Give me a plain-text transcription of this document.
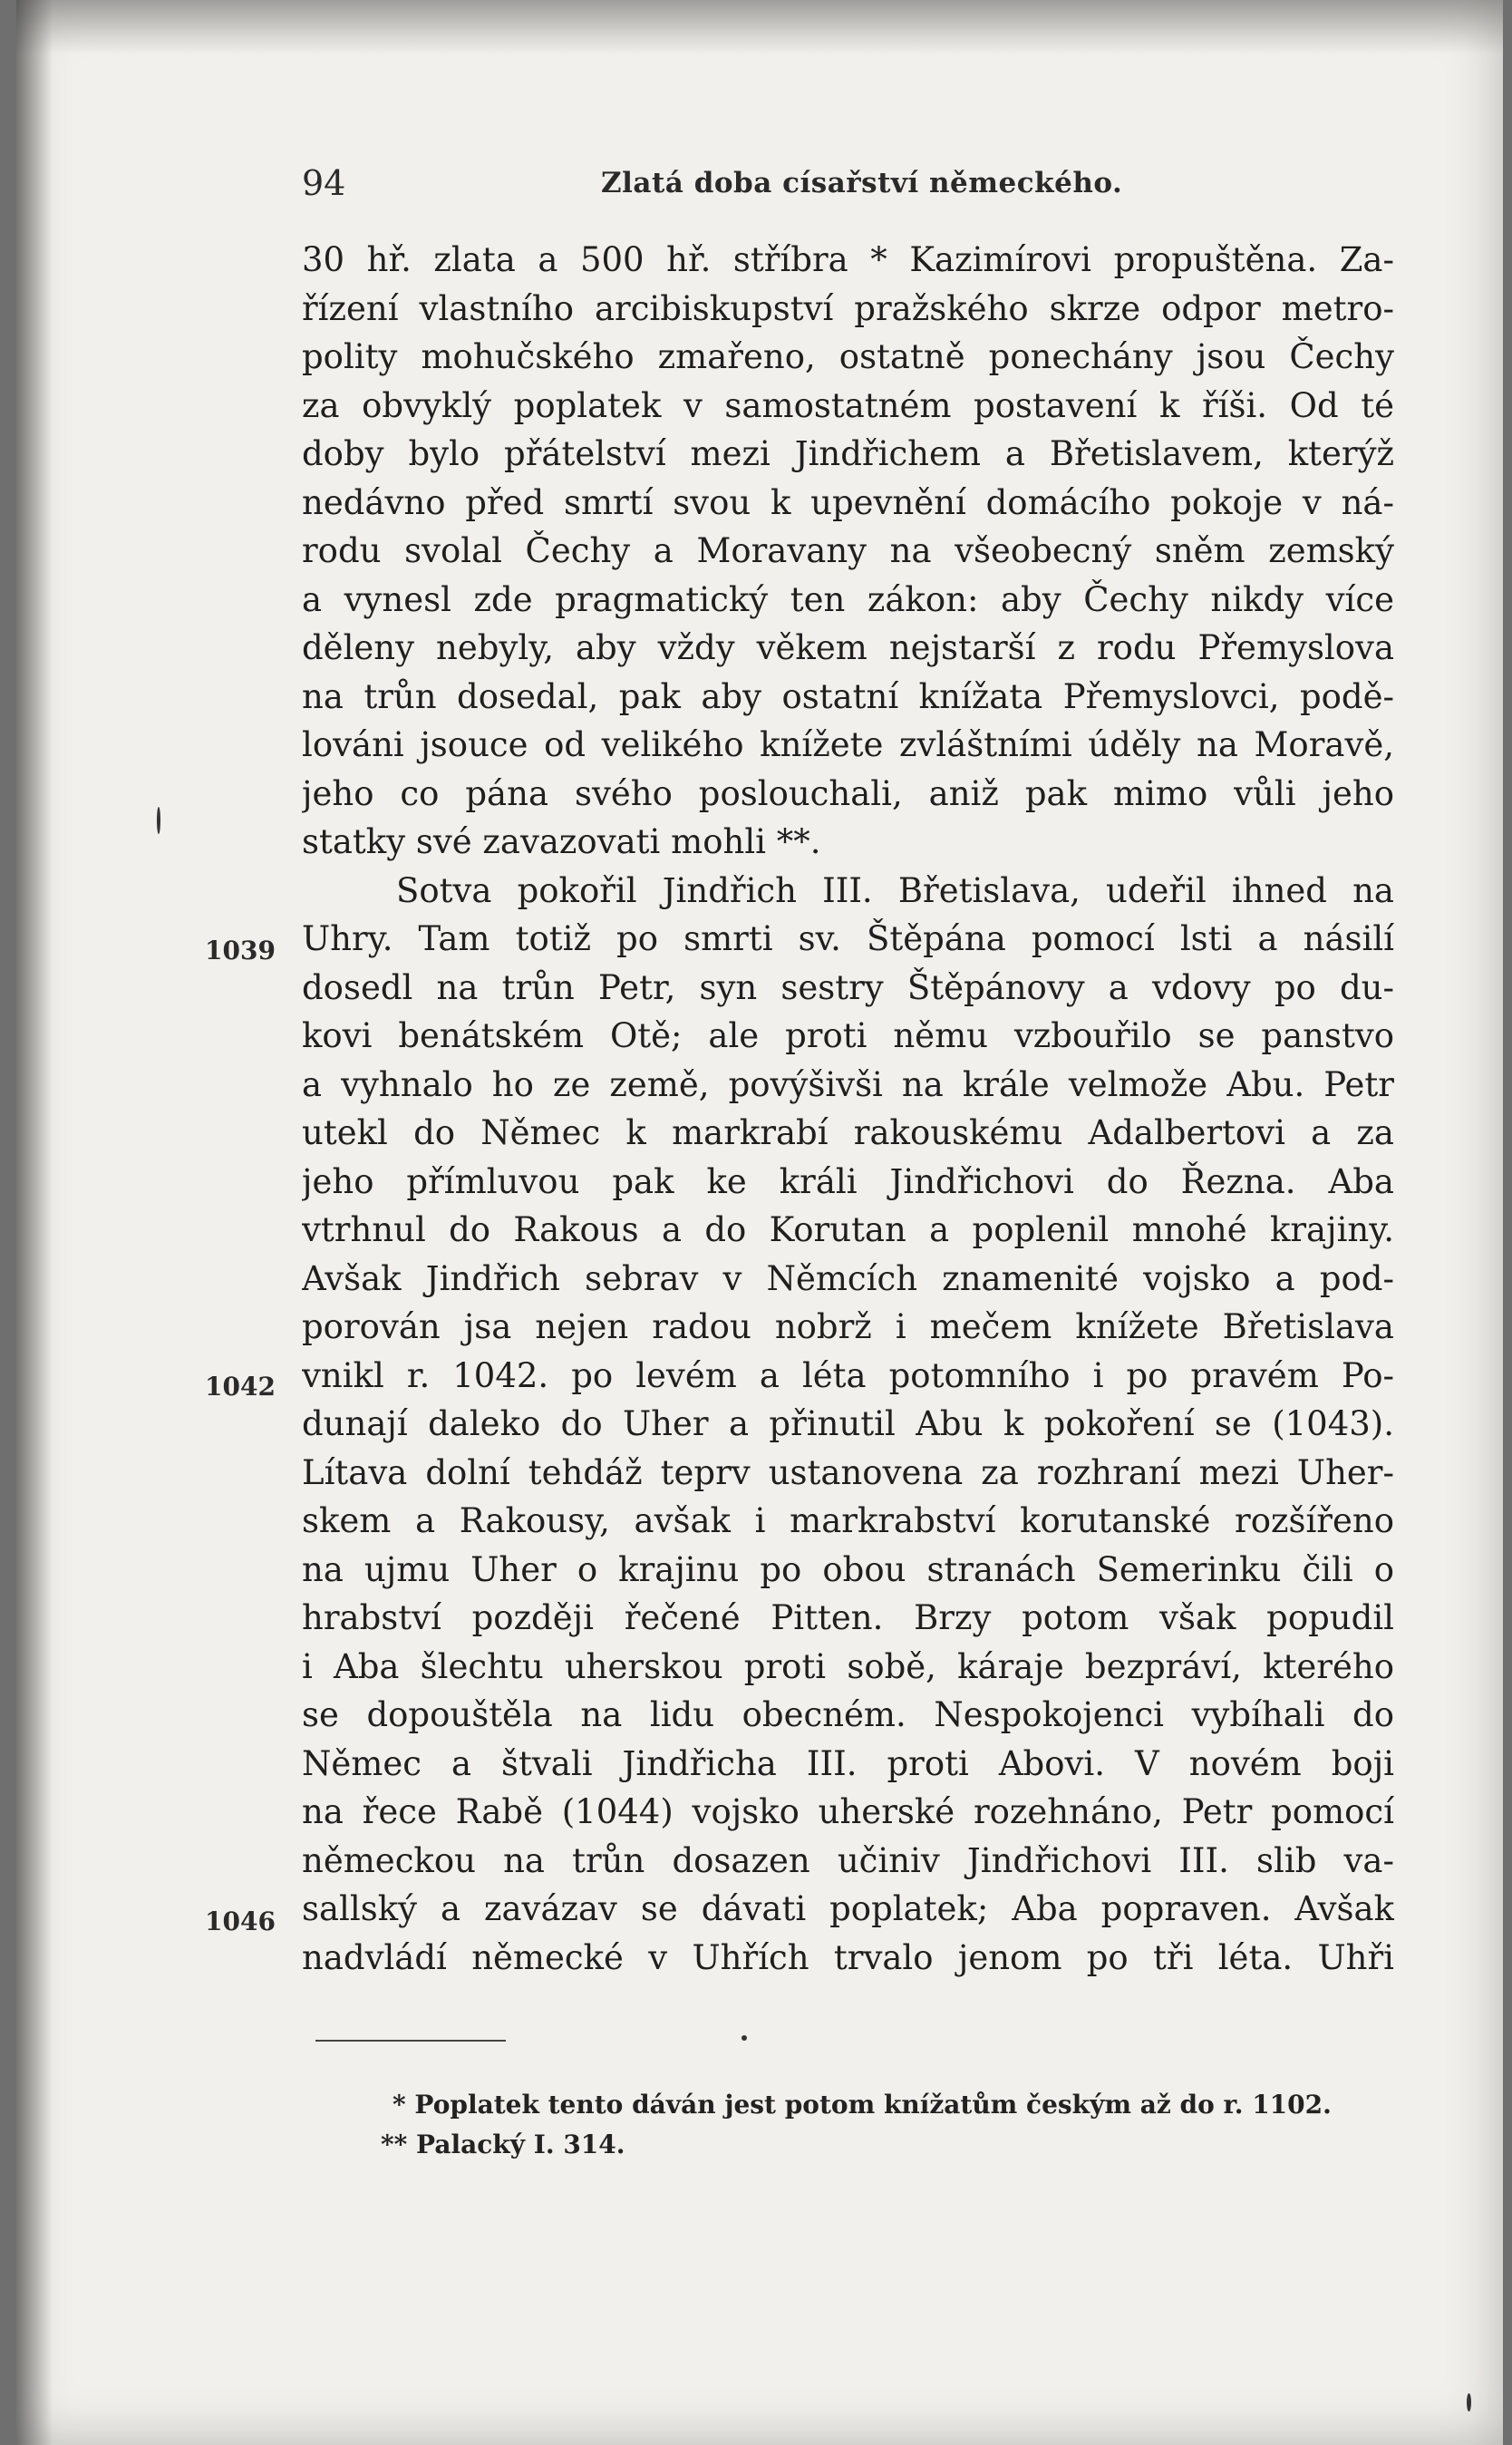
94	Zlatá doba císařství německého.
30 hř. zlata a 500 hř. stříbra * Kazimírovi propuštěna. Za-
řízení vlastního arcibiskupství pražského skrze odpor metro-
polity mohučského zmařeno, ostatně ponechány jsou Čechy
za obvyklý poplatek v samostatném postavení k říši. Od té
doby bylo přátelství mezi Jindřichem a Břetislavem, kterýž
nedávno před smrtí svou k upevnění domácího pokoje v ná-
rodu svolal Čechy a Moravany na všeobecný sněm zemský
a vynesl zde pragmatický ten zákon: aby Čechy nikdy více
děleny nebyly, aby vždy věkem nejstarší z rodu Přemyslova
na trůn dosedal, pak aby ostatní knížata Přemyslovci, podě-
lováni jsouce od velikého knížete zvláštními úděly na Moravě,
jeho co pána svého poslouchali, aniž pak mimo vůli jeho
statky své zavazovati mohli **.
Sotva pokořil Jindřich III. Břetislava, udeřil ihned na
Uhry. Tam totiž po smrti sv. Štěpána pomocí lsti a násilí
dosedl na trůn Petr, syn sestry Štěpánovy a vdovy po du-
kovi benátském Otě; ale proti němu vzbouřilo se panstvo
a vyhnalo ho ze země, povýšivši na krále velmože Abu. Petr
utekl do Němec k markrabí rakouskému Adalbertovi a za
jeho přímluvou pak ke králi Jindřichovi do Řezna. Aba
vtrhnul do Rakous a do Korutan a poplenil mnohé krajiny.
Avšak Jindřich sebrav v Němcích znamenité vojsko a pod-
porován jsa nejen radou nobrž i mečem knížete Břetislava
vnikl r. 1042. po levém a léta potomního i po pravém Po-
dunají daleko do Uher a přinutil Abu k pokoření se (1043).
Lítava dolní tehdáž teprv ustanovena za rozhraní mezi Uher-
skem a Rakousy, avšak i markrabství korutanské rozšířeno
na ujmu Uher o krajinu po obou stranách Semerinku čili o
hrabství později řečené Pitten. Brzy potom však popudil
i Aba šlechtu uherskou proti sobě, káraje bezpráví, kterého
se dopouštěla na lidu obecném. Nespokojenci vybíhali do
Němec a štvali Jindřicha III. proti Abovi. V novém boji
na řece Rabě (1044) vojsko uherské rozehnáno, Petr pomocí
německou na trůn dosazen učiniv Jindřichovi III. slib va-
sallský a zavázav se dávati poplatek; Aba popraven. Avšak
nadvládí německé v Uhřích trvalo jenom po tři léta. Uhři
1039
1042
1046
* Poplatek tento dáván jest potom knížatům českým až do r. 1102.
** Palacký I. 314.
